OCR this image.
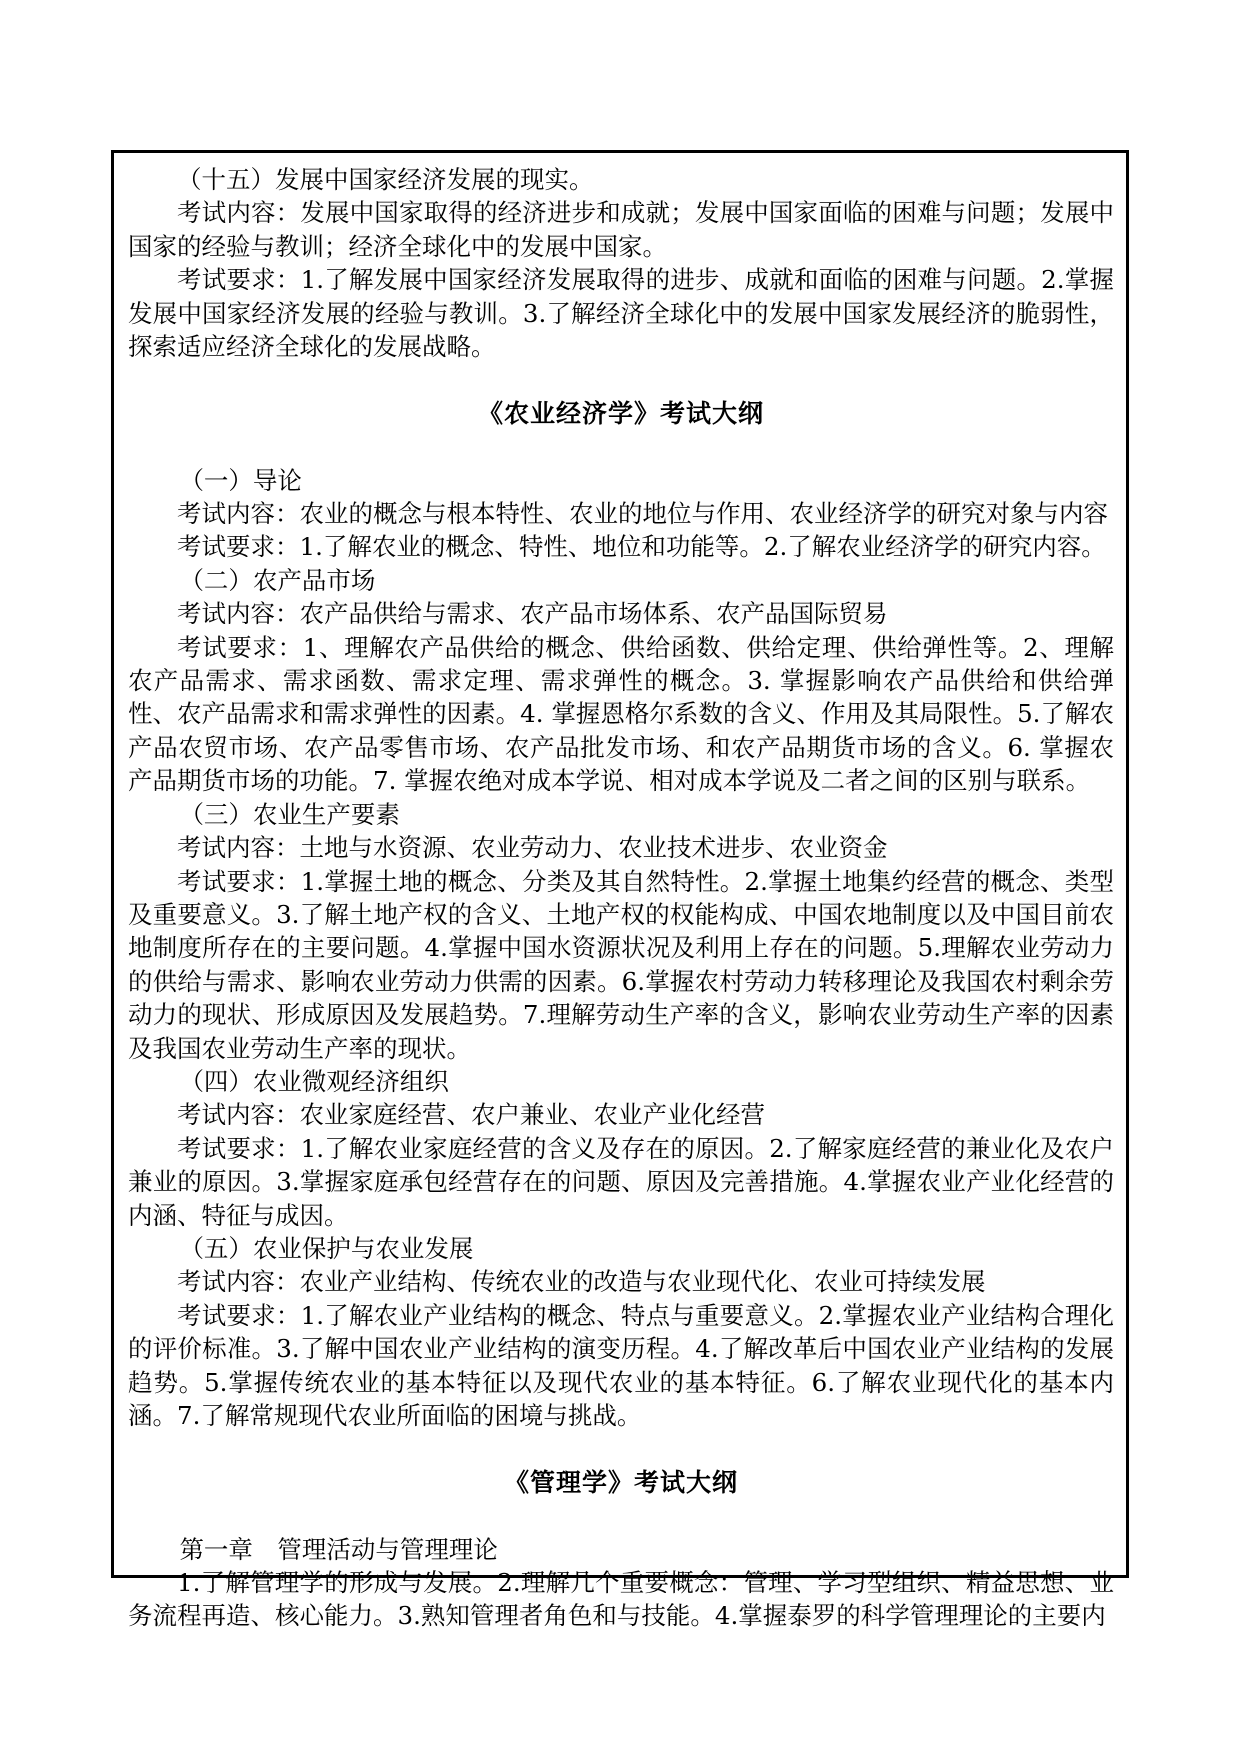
（十五）发展中国家经济发展的现实。

考试内容：发展中国家取得的经济进步和成就；发展中国家面临的困难与问题；发展中国家的经验与教训；经济全球化中的发展中国家。

考试要求：1.了解发展中国家经济发展取得的进步、成就和面临的困难与问题。2.掌握发展中国家经济发展的经验与教训。3.了解经济全球化中的发展中国家发展经济的脆弱性，探索适应经济全球化的发展战略。

《农业经济学》考试大纲

（一）导论

考试内容：农业的概念与根本特性、农业的地位与作用、农业经济学的研究对象与内容

考试要求：1.了解农业的概念、特性、地位和功能等。2.了解农业经济学的研究内容。

（二）农产品市场

考试内容：农产品供给与需求、农产品市场体系、农产品国际贸易

考试要求：1、理解农产品供给的概念、供给函数、供给定理、供给弹性等。2、理解农产品需求、需求函数、需求定理、需求弹性的概念。3. 掌握影响农产品供给和供给弹性、农产品需求和需求弹性的因素。4. 掌握恩格尔系数的含义、作用及其局限性。5.了解农产品农贸市场、农产品零售市场、农产品批发市场、和农产品期货市场的含义。6. 掌握农产品期货市场的功能。7. 掌握农绝对成本学说、相对成本学说及二者之间的区别与联系。

（三）农业生产要素

考试内容：土地与水资源、农业劳动力、农业技术进步、农业资金

考试要求：1.掌握土地的概念、分类及其自然特性。2.掌握土地集约经营的概念、类型及重要意义。3.了解土地产权的含义、土地产权的权能构成、中国农地制度以及中国目前农地制度所存在的主要问题。4.掌握中国水资源状况及利用上存在的问题。5.理解农业劳动力的供给与需求、影响农业劳动力供需的因素。6.掌握农村劳动力转移理论及我国农村剩余劳动力的现状、形成原因及发展趋势。7.理解劳动生产率的含义，影响农业劳动生产率的因素及我国农业劳动生产率的现状。

（四）农业微观经济组织

考试内容：农业家庭经营、农户兼业、农业产业化经营

考试要求：1.了解农业家庭经营的含义及存在的原因。2.了解家庭经营的兼业化及农户兼业的原因。3.掌握家庭承包经营存在的问题、原因及完善措施。4.掌握农业产业化经营的内涵、特征与成因。

（五）农业保护与农业发展

考试内容：农业产业结构、传统农业的改造与农业现代化、农业可持续发展

考试要求：1.了解农业产业结构的概念、特点与重要意义。2.掌握农业产业结构合理化的评价标准。3.了解中国农业产业结构的演变历程。4.了解改革后中国农业产业结构的发展趋势。5.掌握传统农业的基本特征以及现代农业的基本特征。6.了解农业现代化的基本内涵。7.了解常规现代农业所面临的困境与挑战。

《管理学》考试大纲

第一章　管理活动与管理理论

1.了解管理学的形成与发展。2.理解几个重要概念：管理、学习型组织、精益思想、业务流程再造、核心能力。3.熟知管理者角色和与技能。4.掌握泰罗的科学管理理论的主要内
